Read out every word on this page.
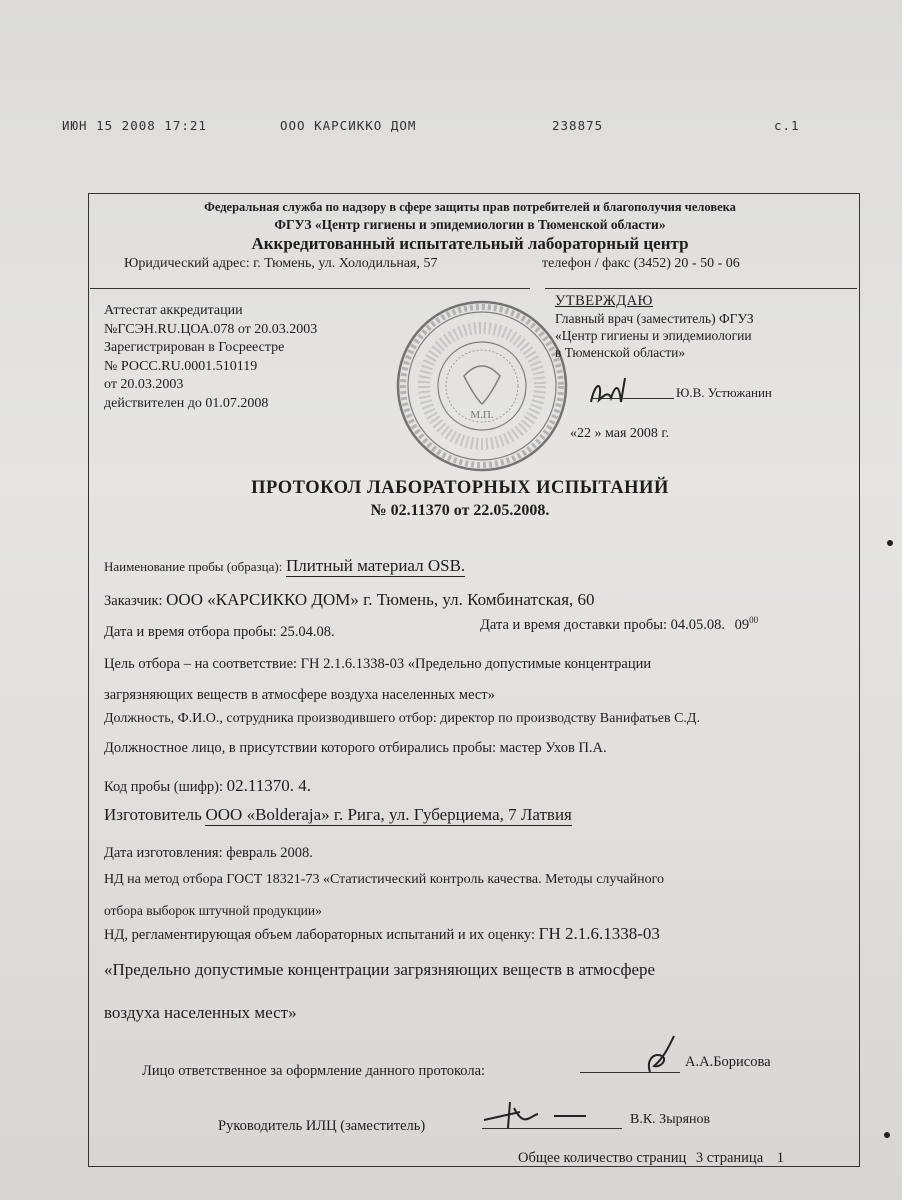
ИЮН 15 2008 17:21	ООО КАРСИККО ДОМ	238875	с.1
Федеральная служба по надзору в сфере защиты прав потребителей и благополучия человека
ФГУЗ «Центр гигиены и эпидемиологии в Тюменской области»
Аккредитованный испытательный лабораторный центр
Юридический адрес: г. Тюмень, ул. Холодильная, 57	телефон / факс (3452) 20 - 50 - 06
Аттестат аккредитации
№ГСЭН.RU.ЦОА.078 от 20.03.2003
Зарегистрирован в Госреестре
№ РОСС.RU.0001.510119
от 20.03.2003
действителен до 01.07.2008
М.П.
УТВЕРЖДАЮ
Главный врач (заместитель) ФГУЗ
«Центр гигиены и эпидемиологии
в Тюменской области»
Ю.В. Устюжанин
«22 » мая 2008 г.
ПРОТОКОЛ ЛАБОРАТОРНЫХ ИСПЫТАНИЙ
№ 02.11370 от 22.05.2008.
Наименование пробы (образца): Плитный материал OSB.
Заказчик: ООО «КАРСИККО ДОМ» г. Тюмень, ул. Комбинатская, 60
Дата и время отбора пробы: 25.04.08.	Дата и время доставки пробы: 04.05.08. $09^{00}$
Цель отбора – на соответствие: ГН 2.1.6.1338-03 «Предельно допустимые концентрации
загрязняющих веществ в атмосфере воздуха населенных мест»
Должность, Ф.И.О., сотрудника производившего отбор: директор по производству Ванифатьев С.Д.
Должностное лицо, в присутствии которого отбирались пробы: мастер Ухов П.А.
Код пробы (шифр): 02.11370. 4.
Изготовитель ООО «Bolderaja» г. Рига, ул. Губерциема, 7 Латвия
Дата изготовления: февраль 2008.
НД на метод отбора ГОСТ 18321-73 «Статистический контроль качества. Методы случайного
отбора выборок штучной продукции»
НД, регламентирующая объем лабораторных испытаний и их оценку: ГН 2.1.6.1338-03
«Предельно допустимые концентрации загрязняющих веществ в атмосфере
воздуха населенных мест»
Лицо ответственное за оформление данного протокола:
А.А.Борисова
Руководитель ИЛЦ (заместитель)	В.К. Зырянов
Общее количество страниц 3 страница 1
